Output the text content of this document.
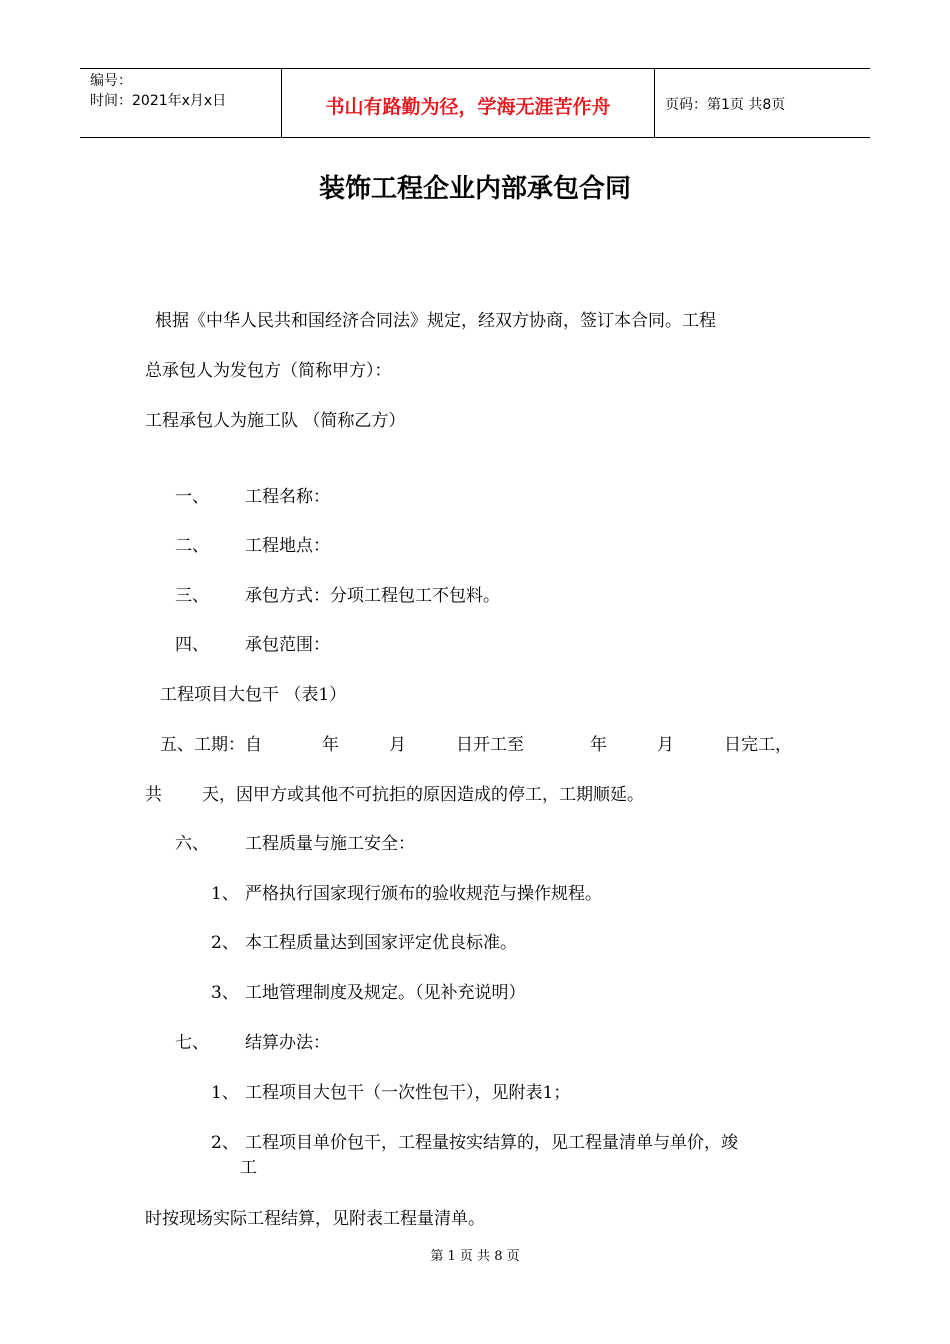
编号：
时间：2021年x月x日	书山有路勤为径，学海无涯苦作舟	页码：第1页 共8页
装饰工程企业内部承包合同
根据《中华人民共和国经济合同法》规定，经双方协商，签订本合同。工程
总承包人为发包方（简称甲方）：
工程承包人为施工队 （简称乙方）
一、 工程名称：
二、 工程地点：
三、 承包方式：分项工程包工不包料。
四、 承包范围：
工程项目大包干 （表1）
五、工期：自	年	月	日开工至	年	月	日完工，
共 天，因甲方或其他不可抗拒的原因造成的停工，工期顺延。
六、 工程质量与施工安全：
1、 严格执行国家现行颁布的验收规范与操作规程。
2、 本工程质量达到国家评定优良标准。
3、 工地管理制度及规定。（见补充说明）
七、 结算办法：
1、 工程项目大包干（一次性包干），见附表1；
2、 工程项目单价包干，工程量按实结算的，见工程量清单与单价，竣
工
时按现场实际工程结算，见附表工程量清单。
第 1 页 共 8 页
